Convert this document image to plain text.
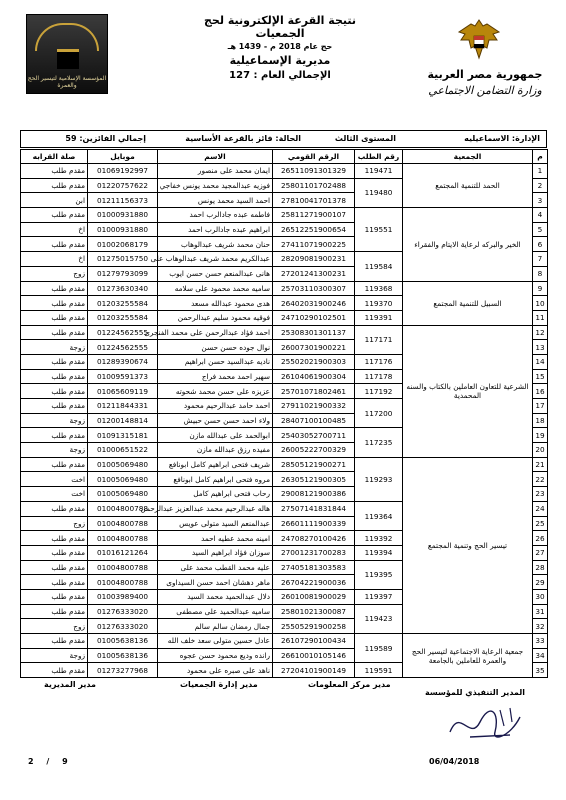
المؤسسة الإسلامية لتيسير الحج والعمرة
نتيجة القرعة الإلكترونية لحج الجمعيات
حج عام 2018 م - 1439 هـ
مديرية الإسماعيلية
الإجمالي العام : 127	جمهورية مصر العربية
وزارة التضامن الاجتماعي
الإدارة: الاسماعيليه
المستوى الثالث
الحالة: فائز بالقرعة الأساسية
إجمالي الفائزين: 59
م	الجمعية	رقم الطلب	الرقم القومي	الاسم	موبايل	صلة القرابه
1	الحمد للتنمية المجتمع	119471	26511091301329	ايمان محمد على منصور	01069192997	مقدم طلب
2		119480	25801101702488	فوزيه عبدالمجيد محمد يونس خفاجي	01220757622	مقدم طلب
3			27810041701378	احمد السيد محمد يونس	01211156373	ابن
4	الخير والبركه لرعاية الايتام والفقراء	119551	25811271900107	فاطمه عبده جادالرب احمد	01000931880	مقدم طلب
5			26512251900654	ابراهيم عبده جادالرب احمد	01000931880	اخ
6			27411071900225	حنان محمد شريف عبدالوهاب	01002068179	مقدم طلب
7		119584	28209081900231	عبدالكريم محمد شريف عبدالوهاب على	01275015750	اخ
8			27201241300231	هانى عبدالمنعم حسن حسن ايوب	01279793099	زوج
9	السبيل للتنمية المجتمع	119368	25703110300307	ساميه محمد محمود على سلامه	01273630340	مقدم طلب
10		119370	26402031900246	هدى محمود عبدالله مسعد	01203255584	مقدم طلب
11		119391	24710290102501	فوقيه محمود سليم عبدالرحمن	01203255584	مقدم طلب
12	الشرعية للتعاون العاملين بالكتاب والسنه المحمدية	117171	25308301301137	احمد فؤاد عبدالرحمن على محمد الفنجرى	01224562555	مقدم طلب
13			26007301900221	نوال جوده حسن حسن	01224562555	زوجة
14		117176	25502021900303	ناديه عبدالسيد حسن ابراهيم	01289390674	مقدم طلب
15		117178	26104061900304	سهير احمد محمد فراج	01009591373	مقدم طلب
16		117192	25701071802461	عزيزه على حسن محمد شحوته	01065609119	مقدم طلب
17		117200	27911021900332	احمد حامد عبدالرحيم محمود	01211844331	مقدم طلب
18			28407100100485	ولاء احمد حسن حسن حبيش	01200148814	زوجة
19		117235	25403052700711	ابوالحمد على عبدالله مازن	01091315181	مقدم طلب
20			26005222700329	مفيده رزق عبدالله مازن	01000651522	زوجة
21	تيسير الحج وتنمية المجتمع	119293	28505121900271	شريف فتحى ابراهيم كامل ابونافع	01005069480	مقدم طلب
22			26305121900305	مروه فتحى ابراهيم كامل ابونافع	01005069480	اخت
23			29008121900386	رحاب فتحى ابراهيم كامل	01005069480	اخت
24		119364	27507141831844	هاله عبدالرحيم محمد عبدالعزيز عبدالرحمن	01004800788	مقدم طلب
25			26601111900339	عبدالمنعم السيد متولى عويس	01004800788	زوج
26		119392	24708270100426	امينه محمد عطيه احمد	01004800788	مقدم طلب
27		119394	27001231700283	سوزان فؤاد ابراهيم السيد	01016121264	مقدم طلب
28		119395	27405181303583	عليه محمد القطب محمد على	01004800788	مقدم طلب
29			26704221900036	ماهر دهشان احمد حسن السيداوى	01004800788	مقدم طلب
30		119397	26010081900029	دلال عبدالحميد محمد السيد	01003989400	مقدم طلب
31		119423	25801021300087	ساميه عبدالحميد على مصطفى	01276333020	مقدم طلب
32			25505291900258	جمال رمضان سالم سالم	01276333020	زوج
33	جمعية الرعاية الاجتماعية لتيسير الحج والعمرة للعاملين بالجامعة	119589	26107290100434	عادل حسين متولى سعد خلف الله	01005638136	مقدم طلب
34			26610010105146	رانده وديع محمود حسن عجوه	01005638136	زوجة
35		119591	27204101900149	ناهد على صبره على محمود	01273277968	مقدم طلب
مدير المديرية	مدير إدارة الجمعيات	مدير مركز المعلومات
المدير التنفيذي للمؤسسة
06/04/2018
2 / 9
